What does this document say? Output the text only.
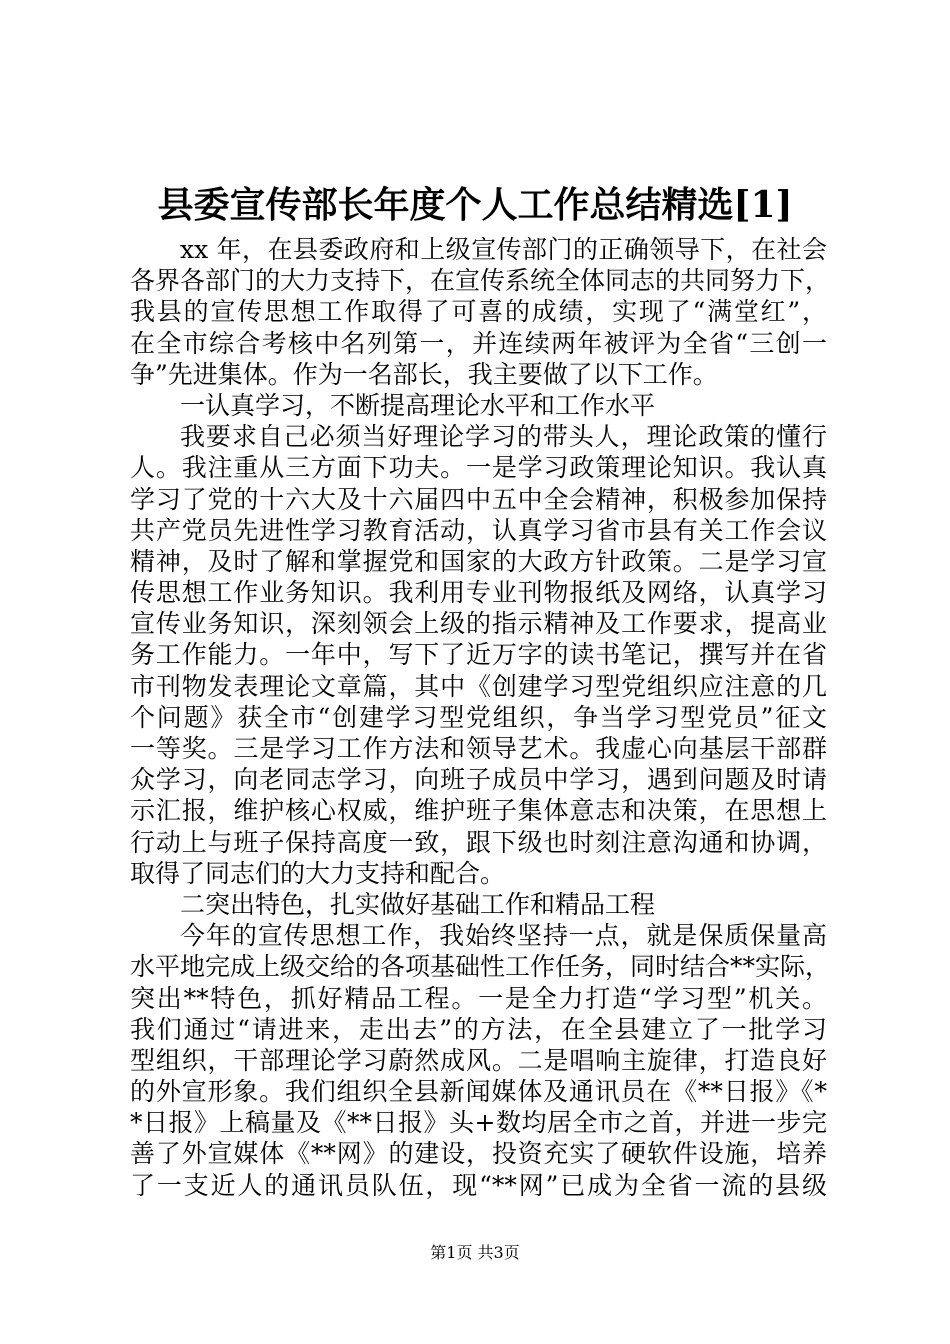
县委宣传部长年度个人工作总结精选[1]
xx 年，在县委政府和上级宣传部门的正确领导下，在社会
各界各部门的大力支持下，在宣传系统全体同志的共同努力下，
我县的宣传思想工作取得了可喜的成绩，实现了“满堂红”，
在全市综合考核中名列第一，并连续两年被评为全省“三创一
争”先进集体。作为一名部长，我主要做了以下工作。
一认真学习，不断提高理论水平和工作水平
我要求自己必须当好理论学习的带头人，理论政策的懂行
人。我注重从三方面下功夫。一是学习政策理论知识。我认真
学习了党的十六大及十六届四中五中全会精神，积极参加保持
共产党员先进性学习教育活动，认真学习省市县有关工作会议
精神，及时了解和掌握党和国家的大政方针政策。二是学习宣
传思想工作业务知识。我利用专业刊物报纸及网络，认真学习
宣传业务知识，深刻领会上级的指示精神及工作要求，提高业
务工作能力。一年中，写下了近万字的读书笔记，撰写并在省
市刊物发表理论文章篇，其中《创建学习型党组织应注意的几
个问题》获全市“创建学习型党组织，争当学习型党员”征文
一等奖。三是学习工作方法和领导艺术。我虚心向基层干部群
众学习，向老同志学习，向班子成员中学习，遇到问题及时请
示汇报，维护核心权威，维护班子集体意志和决策，在思想上
行动上与班子保持高度一致，跟下级也时刻注意沟通和协调，
取得了同志们的大力支持和配合。
二突出特色，扎实做好基础工作和精品工程
今年的宣传思想工作，我始终坚持一点，就是保质保量高
水平地完成上级交给的各项基础性工作任务，同时结合**实际，
突出**特色，抓好精品工程。一是全力打造“学习型”机关。
我们通过“请进来，走出去”的方法，在全县建立了一批学习
型组织，干部理论学习蔚然成风。二是唱响主旋律，打造良好
的外宣形象。我们组织全县新闻媒体及通讯员在《**日报》《*
*日报》上稿量及《**日报》头+数均居全市之首，并进一步完
善了外宣媒体《**网》的建设，投资充实了硬软件设施，培养
了一支近人的通讯员队伍，现“**网”已成为全省一流的县级
第1页 共3页
